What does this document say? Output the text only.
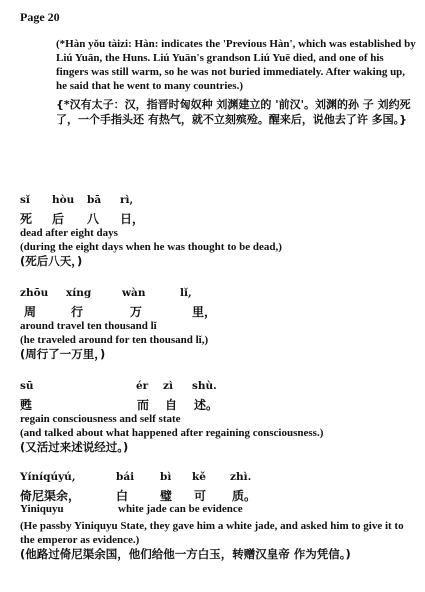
Page 20
(*Hàn yǒu tàizi: Hàn: indicates the 'Previous Hàn', which was established by Liú Yuān, the Huns. Liú Yuān's grandson Liú Yuē died, and one of his fingers was still warm, so he was not buried immediately. After waking up, he said that he went to many countries.)
{*汉有太子：汉，指晋时匈奴种 刘渊建立的 '前汉'。刘渊的孙 子 刘约死了，一个手指头还 有热气，就不立刻殡殓。醒来后，说他去了许 多国。}
sǐ hòu bā rì,
死 后 八 日，
dead after eight days
(during the eight days when he was thought to be dead,)
(死后八天，)
zhōu xíng	wàn	lǐ,
周	行	万	里，
around travel ten thousand lǐ
(he traveled around for ten thousand lǐ,)
(周行了一万里，)
sū	ér zì shù.
甦	而 自 述。
regain consciousness and self state
(and talked about what happened after regaining consciousness.)
(又活过来述说经过。)
Yíníqúyú,	bái bì kě zhì.
倚尼渠余，	白	璧 可 质。
Yiniquyu	white jade can be evidence
(He passby Yiniquyu State, they gave him a white jade, and asked him to give it to the emperor as evidence.)
(他路过倚尼渠余国，他们给他一方白玉，转赠汉皇帝 作为凭信。)
